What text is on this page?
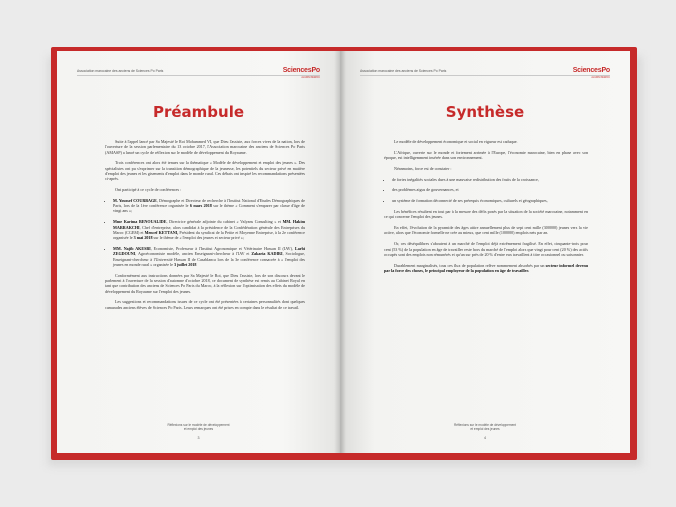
Association marocaine des anciens de Sciences Po Paris	SciencesPo
ALUMNI MAROC
Préambule

Suite à l'appel lancé par Sa Majesté le Roi Mohammed VI, que Dieu l'assiste, aux forces vives de la nation, lors de l'ouverture de la session parlementaire du 13 octobre 2017, l'Association marocaine des anciens de Sciences Po Paris (AMASP) a lancé un cycle de réflexion sur le modèle de développement du Royaume.

Trois conférences ont alors été tenues sur la thématique « Modèle de développement et emploi des jeunes ». Des spécialistes ont pu s'exprimer sur la transition démographique de la jeunesse, les potentiels du secteur privé en matière d'emploi des jeunes et les gisements d'emploi dans le monde rural. Ces débats ont inspiré les recommandations présentées ci-après.

Ont participé à ce cycle de conférences :

• M. Youssef COURBAGE, Démographe et Directeur de recherche à l'Institut National d'Etudes Démographiques de Paris, lors de la 1ère conférence organisée le 6 mars 2018 sur le thème « Comment s'emparer par classe d'âge de vingt ans »;
• Mme Karima BENOUALIDE, Directrice générale adjointe du cabinet « Valyans Consulting » et MM. Hakim MARRAKCHI, Chef d'entreprise, alors candidat à la présidence de la Confédération générale des Entreprises du Maroc (CGEM) et Mencef KETTANI, Président du syndicat de la Petite et Moyenne Entreprise, à la 2e conférence organisée le 3 mai 2018 sur le thème de « l'emploi des jeunes et secteur privé »;
• MM. Najib AKESBI, Economiste, Professeur à l'Institut Agronomique et Vétérinaire Hassan II (IAV), Larbi ZEGDOUNI, Agroéconomiste modèle, ancien Enseignant-chercheur à l'IAV et Zakaria KADIRI, Sociologue, Enseignant-chercheur à l'Université Hassan II de Casablanca lors de la 3e conférence consacrée à « l'emploi des jeunes en monde rural » organisée le 3 juillet 2018

Conformément aux instructions données par Sa Majesté le Roi, que Dieu l'assiste, lors de son discours devant le parlement à l'ouverture de la session d'automne d'octobre 2018, ce document de synthèse est remis au Cabinet Royal en tant que contribution des anciens de Sciences Po Paris du Maroc, à la réflexion sur l'optimisation des effets du modèle de développement du Royaume sur l'emploi des jeunes.

Les suggestions et recommandations issues de ce cycle ont été présentées à certaines personnalités dont quelques camarades anciens élèves de Sciences Po Paris. Leurs remarques ont été prises en compte dans le résultat de ce travail.

Réflexions sur le modèle de développement
et emploi des jeunes
3
Association marocaine des anciens de Sciences Po Paris	SciencesPo
ALUMNI MAROC
Synthèse

Le modèle de développement économique et social en vigueur est caduque.

L'Afrique, ouverte sur le monde et fortement arrimée à l'Europe, l'économie marocaine, bien en phase avec son époque, est intelligemment insérée dans son environnement.

Néanmoins, force est de constater :

• de fortes inégalités sociales dues à une mauvaise redistribution des fruits de la croissance,
• des problèmes aigus de gouvernances, et
• un système de formation déconnecté de ses prérequis économiques, culturels et géographiques,

Les bénéfices résultent en tout par à la mesure des défis posés par la situation de la société marocaine, notamment en ce qui concerne l'emploi des jeunes.

En effet, l'évolution de la pyramide des âges attire annuellement plus de sept cent mille (300000) jeunes vers la vie active, alors que l'économie formelle ne crée au mieux, que cent mille (100000) emplois nets par an.

Or, ces déséquilibres s'aboutent à un marché de l'emploi déjà extrêmement fragilisé. En effet, cinquante-trois pour cent (53 %) de la population en âge de travailler reste hors du marché de l'emploi alors que vingt pour cent (20 %) des actifs occupés sont des emplois non rémunérés et qu'un sur près de 20 % d'entre eux travaillent à titre occasionnel ou saisonnier.

Durablement marginalisés, tous ces flux de population relève nommement absorbés par un secteur informel devenu par la force des choses, le principal employeur de la population en âge de travailler.

Réflexions sur le modèle de développement
et emploi des jeunes
4
